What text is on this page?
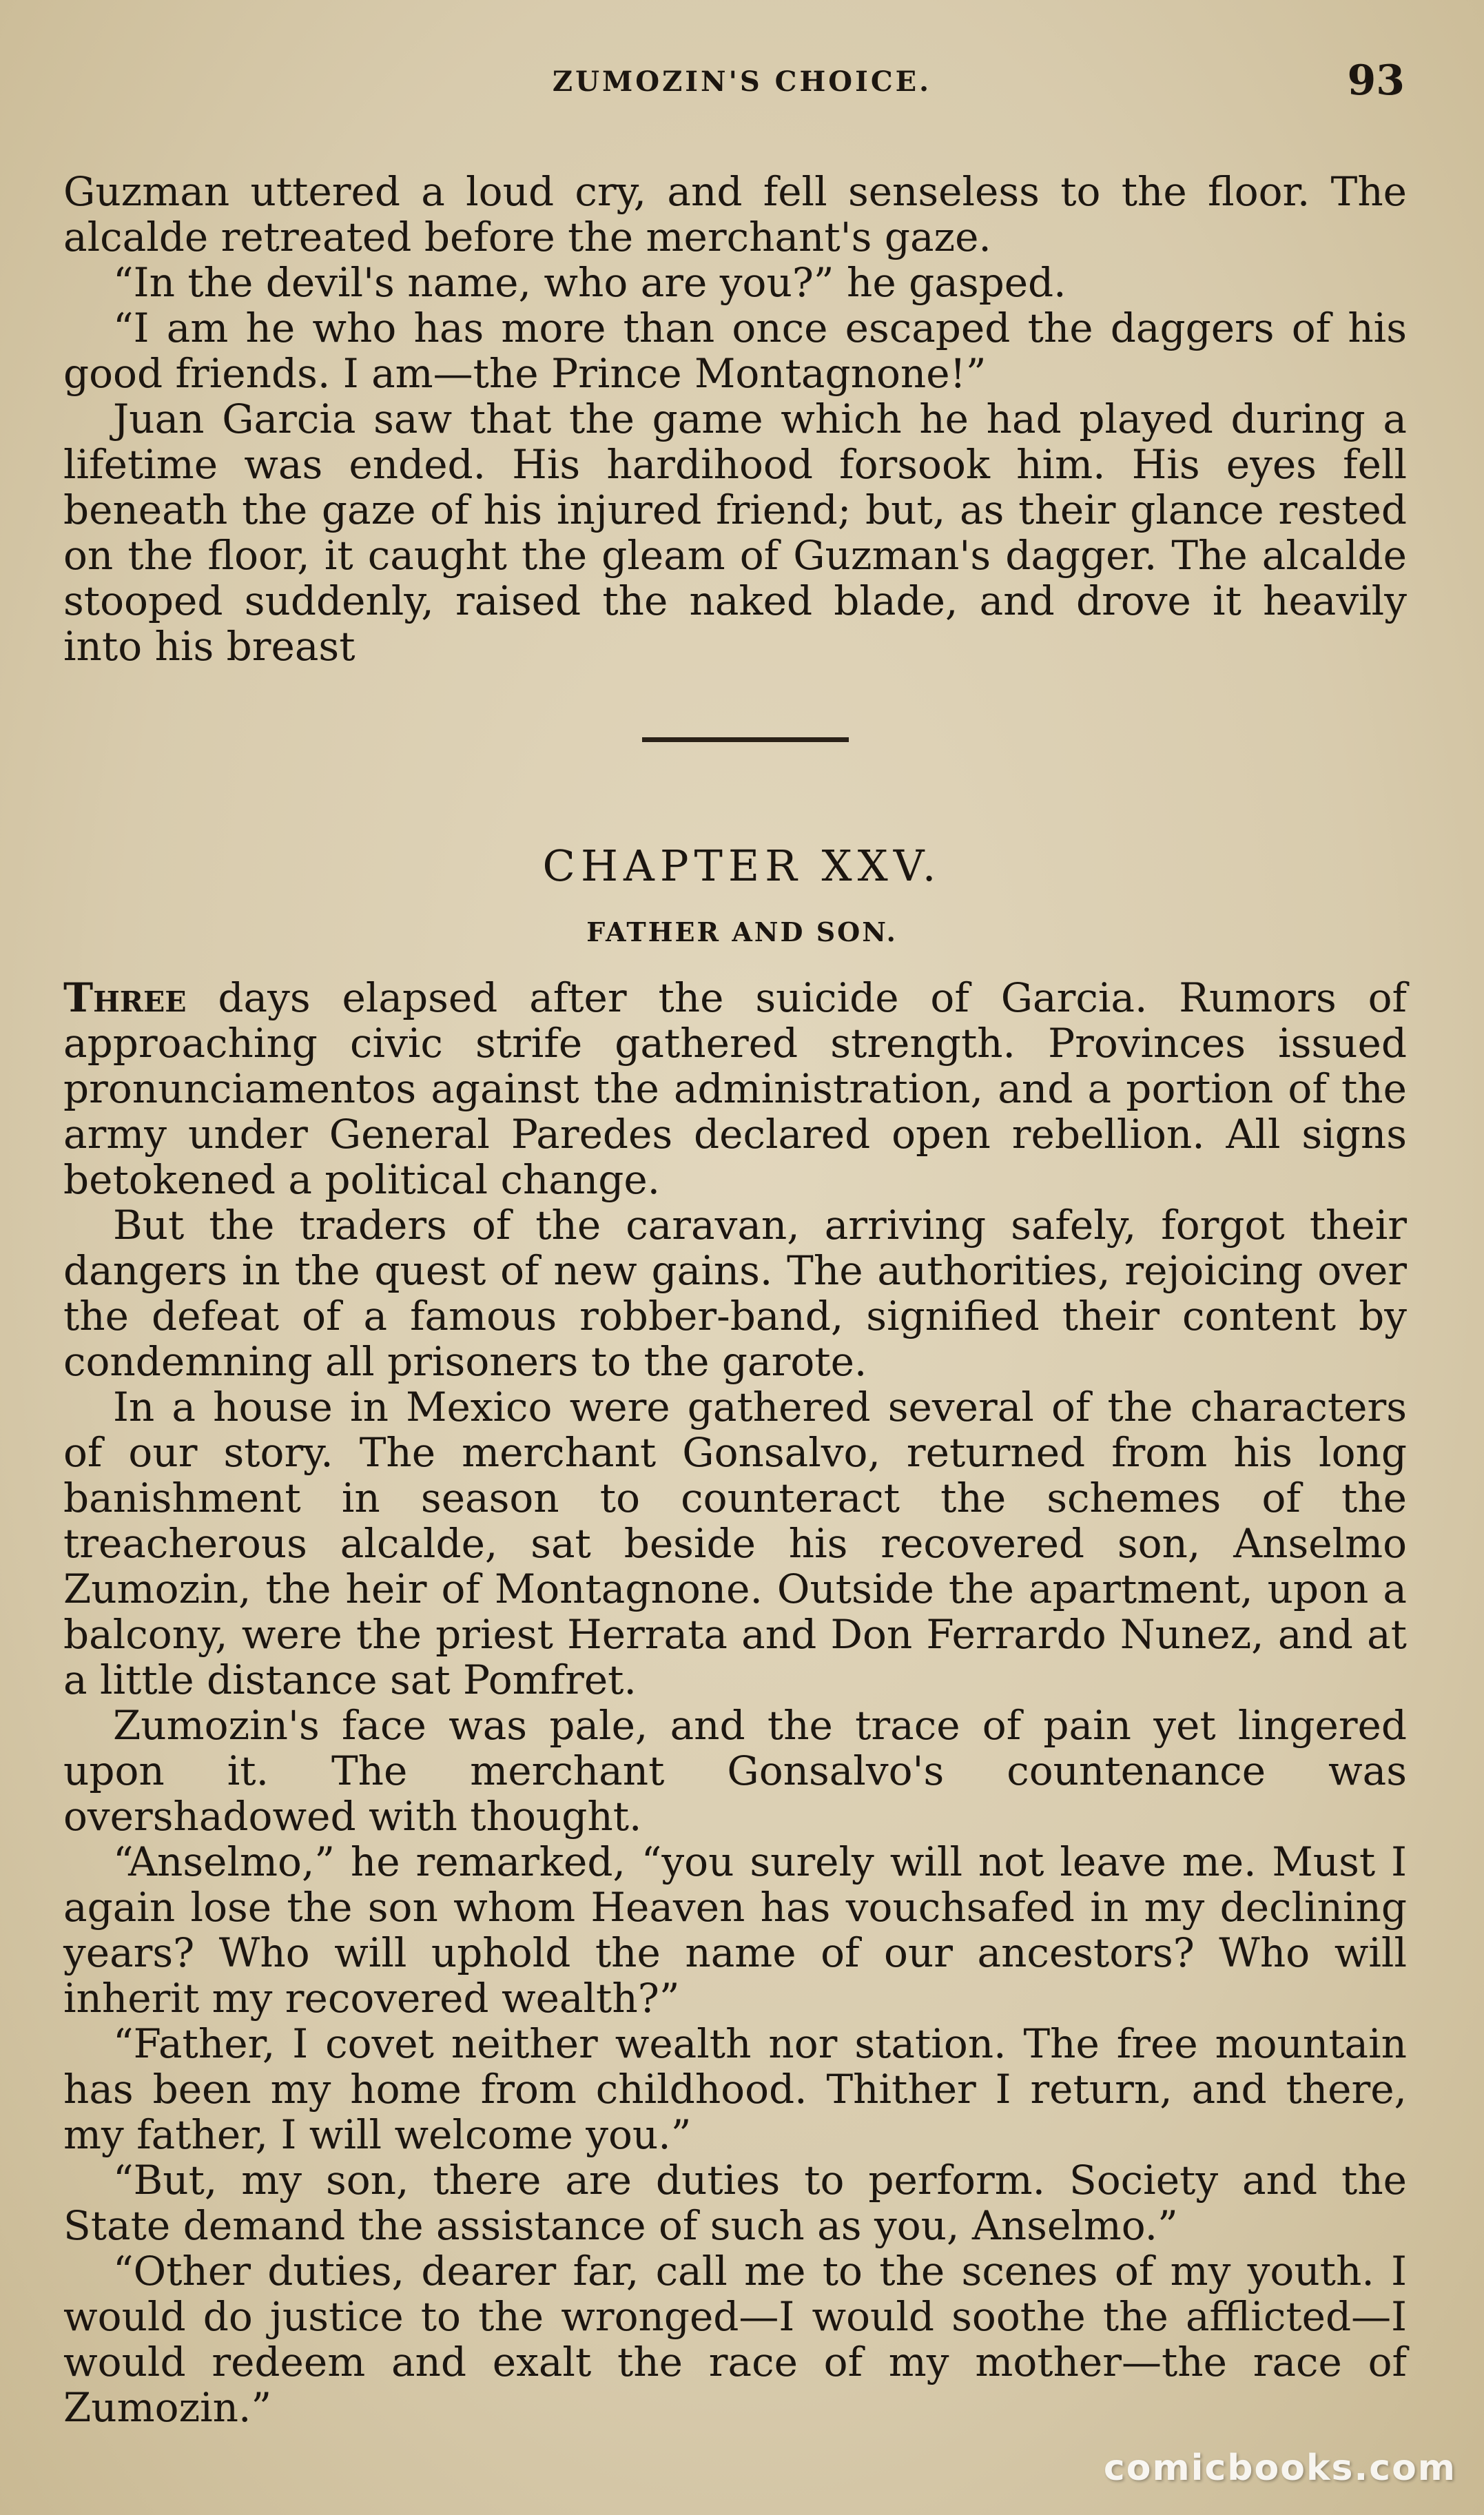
ZUMOZIN'S CHOICE.	93

Guzman uttered a loud cry, and fell senseless to the floor. The alcalde retreated before the merchant's gaze.

“In the devil's name, who are you?” he gasped.

“I am he who has more than once escaped the daggers of his good friends. I am—the Prince Montagnone!”

Juan Garcia saw that the game which he had played during a lifetime was ended. His hardihood forsook him. His eyes fell beneath the gaze of his injured friend; but, as their glance rested on the floor, it caught the gleam of Guzman's dagger. The alcalde stooped suddenly, raised the naked blade, and drove it heavily into his breast

CHAPTER XXV.
FATHER AND SON.

Three days elapsed after the suicide of Garcia. Rumors of approaching civic strife gathered strength. Provinces issued pronunciamentos against the administration, and a portion of the army under General Paredes declared open rebellion. All signs betokened a political change.

But the traders of the caravan, arriving safely, forgot their dangers in the quest of new gains. The authorities, rejoicing over the defeat of a famous robber-band, signified their content by condemning all prisoners to the garote.

In a house in Mexico were gathered several of the characters of our story. The merchant Gonsalvo, returned from his long banishment in season to counteract the schemes of the treacherous alcalde, sat beside his recovered son, Anselmo Zumozin, the heir of Montagnone. Outside the apartment, upon a balcony, were the priest Herrata and Don Ferrardo Nunez, and at a little distance sat Pomfret.

Zumozin's face was pale, and the trace of pain yet lingered upon it. The merchant Gonsalvo's countenance was overshadowed with thought.

“Anselmo,” he remarked, “you surely will not leave me. Must I again lose the son whom Heaven has vouchsafed in my declining years? Who will uphold the name of our ancestors? Who will inherit my recovered wealth?”

“Father, I covet neither wealth nor station. The free mountain has been my home from childhood. Thither I return, and there, my father, I will welcome you.”

“But, my son, there are duties to perform. Society and the State demand the assistance of such as you, Anselmo.”

“Other duties, dearer far, call me to the scenes of my youth. I would do justice to the wronged—I would soothe the afflicted—I would redeem and exalt the race of my mother—the race of Zumozin.”

comicbooks.com
